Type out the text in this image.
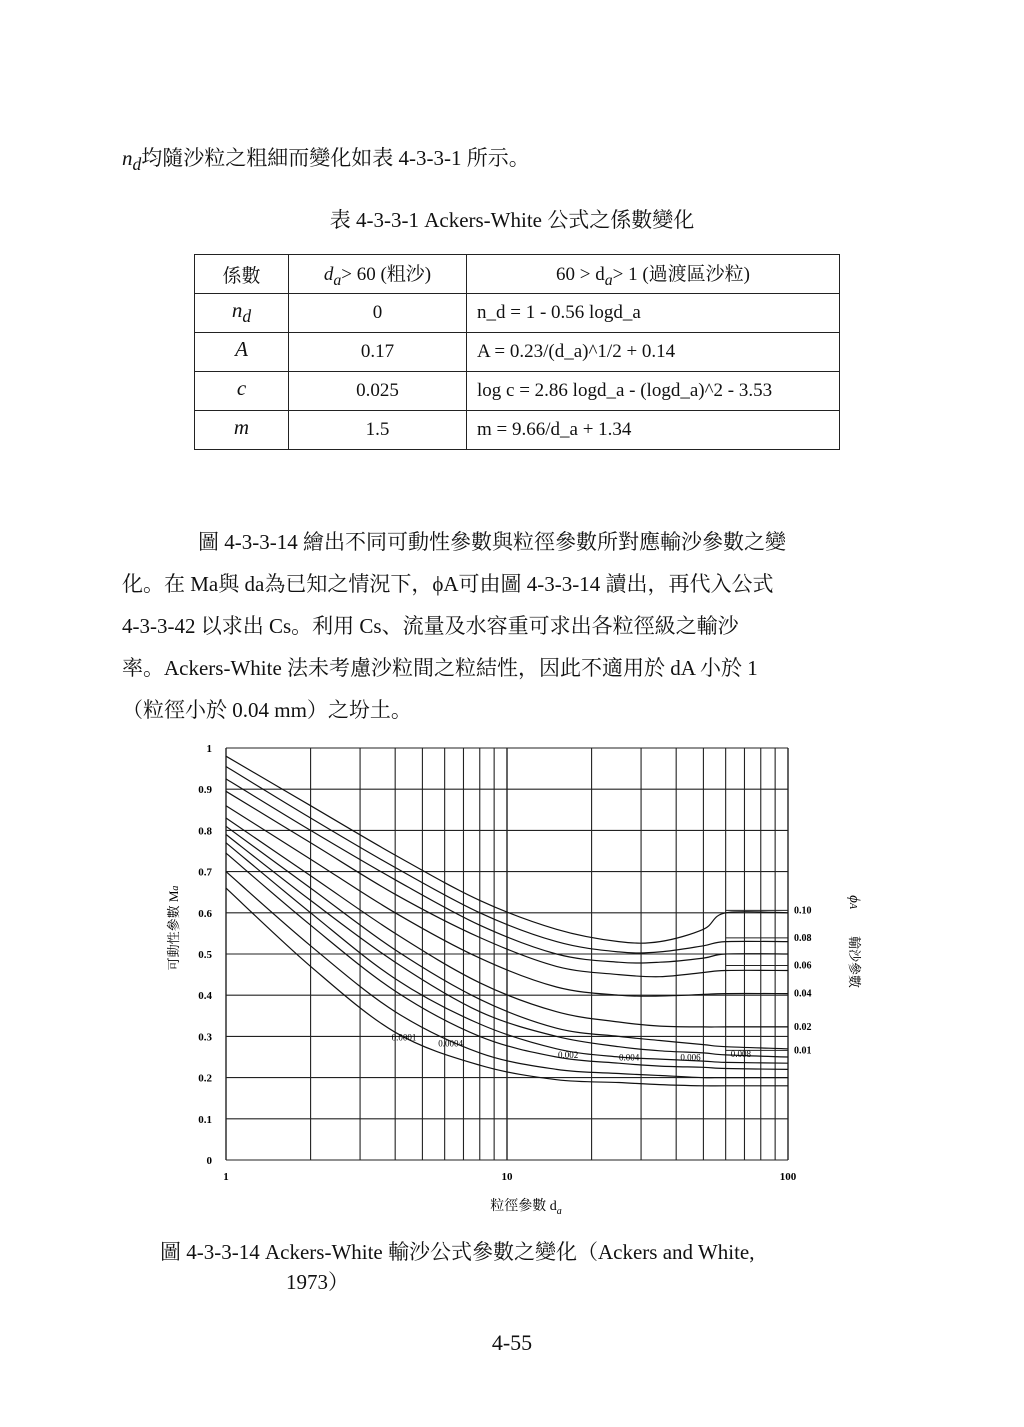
$n_d$均隨沙粒之粗細而變化如表 4-3-3-1 所示。
表 4-3-3-1 Ackers-White 公式之係數變化
係數	$d_a> 60$ (粗沙)	$60 > d_a> 1$ (過渡區沙粒)
$n_d$	0	n_d = 1 - 0.56 logd_a
A	0.17	A = 0.23/(d_a)^1/2 + 0.14
c	0.025	log c = 2.86 logd_a - (logd_a)^2 - 3.53
m	1.5	m = 9.66/d_a + 1.34
圖 4-3-3-14 繪出不同可動性參數與粒徑參數所對應輸沙參數之變
化。在 Ma與 da為已知之情況下，ϕA可由圖 4-3-3-14 讀出，再代入公式
4-3-3-42 以求出 Cs。利用 Cs、流量及水容重可求出各粒徑級之輸沙
率。Ackers-White 法未考慮沙粒間之粒結性，因此不適用於 dA 小於 1
（粒徑小於 0.04 mm）之坋土。
0
0.1
0.2
0.3
0.4
0.5
0.6
0.7
0.8
0.9
1
1	10	100
0.10
0.08
0.06
0.04
0.02
0.01
0.0001
0.0004
0.002	0.004	0.006	0.008
可動性參數 Ma
輸沙參數
ϕA
粒徑參數 $d_a$
圖 4-3-3-14 Ackers-White 輸沙公式參數之變化（Ackers and White,
1973）
4-55
